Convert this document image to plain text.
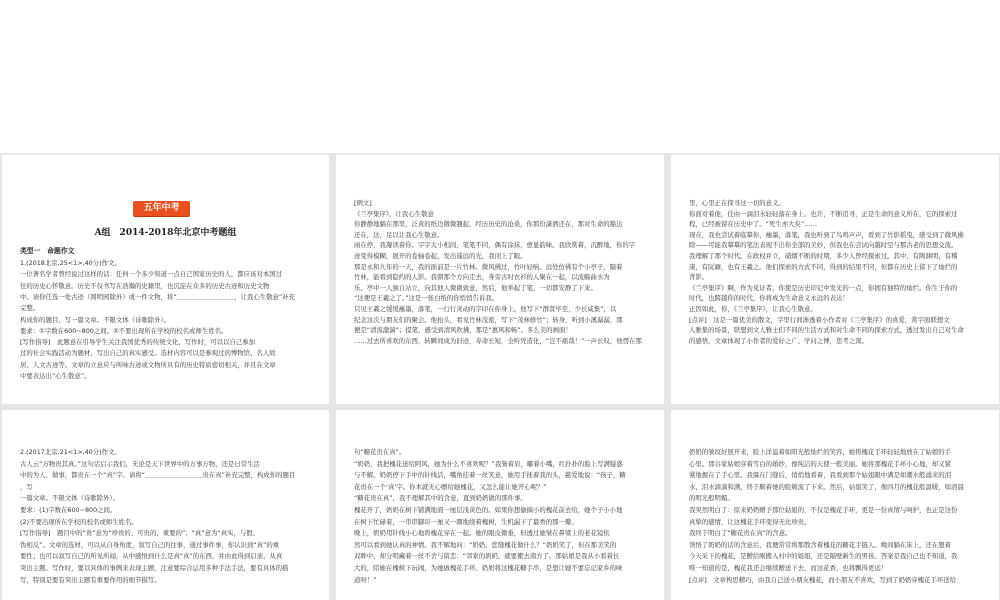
五年中考
A组　2014-2018年北京中考题组
类型一　命题作文
1.(2018北京,25<1>,40分)作文。
一位著名学者曾经说过这样的话：任何一个多少知道一点自己国家历史的人，都应该对本国过
往的历史心怀敬意。历史不仅书写在浩瀚的史籍里，也沉淀在众多的历史古迹和历史文物
中。请你任选一处古迹（圆明园除外）或一件文物，将“＿＿＿＿＿＿＿＿＿，让我心生敬意”补充
完整。
构成你的题目，写一篇文章。不限文体（诗歌除外）。
要求：①字数在600~800之间。②不要出现所在学校的校名或师生姓名。
[写作指导]　此题意在引导学生关注我国优秀的传统文化，写作时，可以以自己参加
过的社会实践活动为题材，写出自己的真实感受。选材内容可以是参观过的博物馆、名人故
居、人文古迹等。文章的立意应与所咏古迹或文物所具有的历史特质密切相关，并且在文章
中要表达出“心生敬意”。
[例文]
《兰亭集序》，让我心生敬意
你静静地躺在那里，泛黄的纸边微微翘起，经历历史的沧桑，你那份潇洒还在，那对生命的豁达
还在，这，足以让我心生敬意。
雨在停，我凝读着你。字字大小相间，笔笔不同，偶有涂抹，愈显韵味。我欣赏着，沉醉地，你的字
迹变得模糊，展开的卷轴卷起，发出遥远的光，我闭上了眼。
那是永和九年的一天，我的面前是一片竹林。微风拂过，竹叶轻响。远处仿佛有个小亭子，隔着
竹林，能看到隐约的人影。我朝那个方向走去，身旁古时衣衫的人聚在一起，以流觞曲水为
乐。亭中一人独自站立，向其他人微微致意，然后，他举起了笔，一切都安静了下来。
“这便是王羲之了。”这是一张白纸的你悄悄告诉我。
只见王羲之缓缓蘸墨，落笔，一行行灵动的字印在你身上。他写下“群贤毕至，少长咸集”，以
纪念这次与朋友们的聚会。他抬头，看见竹林茂密，写下“茂林修竹”；转身，听到小溪潺潺，那
便是“清流激湍”；提笔，感受到清风吹拂，那是“惠风和畅”。多么美的画面！
……过去所喜欢的东西，转瞬间成为旧迹，寿命长短，全听凭造化，“岂不痛哉！”一声长叹，他愣在那
里，心里正在探寻这一切的意义。
你面对着他，任由一滴泪水轻轻落在身上。也许，不断追寻，正是生命的意义所在，它的探索过
程，已经被留在历史中了。“死生亦大矣”……
现在，我也尝试着临摹你，蘸墨，落笔，我也听到了鸟鸣声声，看到了竹影摇曳，感受到了微风拂
除——可能我摹摹的笔法表现不出你全部的美妙，但我也在尝试向越时空与那古老的思想交流。
我理解了那个时代。在政权并立，硝烟不断的时期，多少人曾经探索过。其中，有陶渊明，有稽
康，有阮籍，也有王羲之。他们探索的方式不同，得到的结果不同，但都在历史上留下了灿烂的
背影。
《兰亭集序》啊，作为见证者，你使是历史印记中发光的一点，你拥有独特的灿烂。你生于你的
时代，也跨越你的时代，你将成为生命意义永远的表达！
正因如此，你，《兰亭集序》，让我心生敬意。
[点评]　这是一篇优美的散文，字里行间渗透着小作者对《兰亭集序》的喜爱，赏字面联想文
人雅集的场景，联想到文人雅士们不同的生活方式和对生命不同的探索方式，透过发出自己对生命
的感悟，文章体现了小作者的爱好之广、学问之博，思考之深。
2.(2017北京,21<1>,40分)作文。
古人云“万物贵其真。”这句话启示我们，无论是天下世界中的万事万物，还是日常生活
中的为人、做事，都贵在一个“真”字。请将“＿＿＿＿＿＿＿＿＿贵在真”补充完整，构成你的题目
，写
一篇文章。不限文体（诗歌除外）。
要求：(1)字数在600~800之间。
(2)不要出现所在学校的校名或师生姓名。
[写作指导]　题目中的“贵”意为“珍贵的、可贵的、重要的”；“真”意为“真实，与假、
伪相反”。文章的选材，可以从自身角度，叙写自己的往事，通过事件事，你认识到“真”的重
要性；也可以叙写自己的所见所闻，从中感悟到什么是真“真”的东西，并由此得到启迪，从真
突出主题。写作时，要以具体的事例来表现主题，注意要综合运用多种手法手法，要有具体的描
写，特别是要有突出主题有重要作用的细节描写。
句“糖花贵在真”。
“奶奶，我把槐花送给阿风，她为什么不喜欢呢？”我皱着眉，嘟着小嘴，红扑扑的脸上写满疑惑
与不解。奶奶停下手中的针线活，嘴角挂着一丝笑意，她用手抚着我的头，慈爱地说：“孩子，糖
花贵在一个‘真’字。你本就无心赠给她槐花，又怎么能让她开心呢？”
“糖花贵在真”，我不理解其中的含意，直到奶奶做的那件事。
槐花开了，奶奶在树下铺满地面一厘层浅黄色的。如果你想偷摘小的槐花前去给，她个子小小地
在树下忙碌着，一串串脚印一厘又一圈地绕着槐树，生机漏下了最香的那一瓣。
晚上，奶奶用针线小心地将槐花穿在一起。她的眼皮微垂，但透过她皱在鼻梁上的老花镜依
然可以看到她认真的神情。我不解地问：“奶奶，您缝槐花做什么？”奶奶笑了，但在那美笑的
双眸中，却分明藏着一丝不舍与留恋：“邻家的奶奶，就要搬去南方了。那姑娘是我从小看着长
大的，陪她在槐树下玩闹，为她做槐花手环。奶奶将这槐花糖手串，是想让她不要忘记家乡的味
道呀！”
奶奶的皱纹好展开来，脸上洋溢着如阳光般灿烂的笑容，她将槐花手环轻轻地放在了姑娘的手
心里。那谷家姑娘穿着雪白的婚纱，像纯洁的天使一般美丽。她将那槐花手环小心地，却又紧
紧地握在了手心里。我躲在门缝后，悄悄地看着，我看到那个姑姐眼中满是如潮水般涌来的泪
水，泪水滴滴和满，终于顺着她的脸颊流了下来。然后，姑姐笑了，像四月的槐花般温暖，如清晨
的明光般明媚。
我突然明白了：原来奶奶赠予那位姑姐的，不仅是槐花手环，更是一份真情与呵护，也正是这份
真挚的感情，让这槐花手环变得无比珍贵。
我终于明白了“糖花贵在真”的含意。
领悟了奶奶的话的含意后，我便常常将那散含着槐花的糖花手链人。晚间躺在床上，还在想着
今天采下的槐花，是赠给刚搬入村中的姐姐，还是隔壁新生的男孩。答案是我自己也不知道，我
唯一知道的是，槐花我还会继续赠送下去，而这花香，也将飘得更远！
[点评]　文章构思精巧，由我自己送小朋友槐花，而小朋友不喜欢，写到了奶奶穿槐花手环送给
